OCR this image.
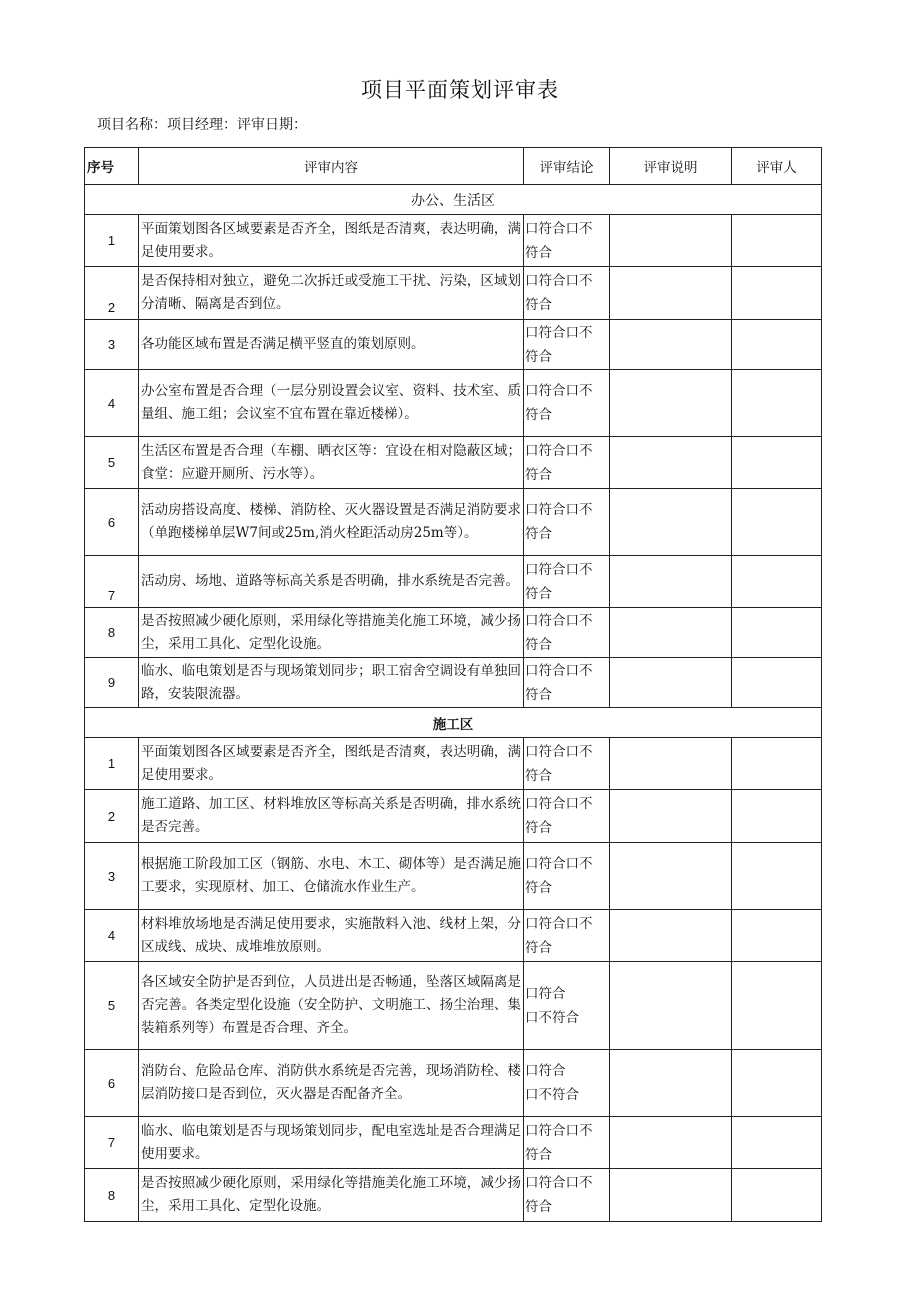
项目平面策划评审表
项目名称：项目经理：评审日期：
序号	评审内容	评审结论	评审说明	评审人
办公、生活区				
1	平面策划图各区域要素是否齐全，图纸是否清爽，表达明确，满足使用要求。	口符合口不
符合		

2	是否保持相对独立，避免二次拆迁或受施工干扰、污染，区域划分清晰、隔离是否到位。	口符合口不
符合		

3	各功能区域布置是否满足横平竖直的策划原则。	口符合口不
符合		

4	办公室布置是否合理（一层分别设置会议室、资料、技术室、质量组、施工组；会议室不宜布置在靠近楼梯）。	口符合口不
符合		

5	生活区布置是否合理（车棚、晒衣区等：宜设在相对隐蔽区域；食堂：应避开厕所、污水等）。	口符合口不
符合		

6	活动房搭设高度、楼梯、消防栓、灭火器设置是否满足消防要求（单跑楼梯单层W7间或25m,消火栓距活动房25m等）。	口符合口不
符合		

7	活动房、场地、道路等标高关系是否明确，排水系统是否完善。	口符合口不
符合		

8	是否按照减少硬化原则，采用绿化等措施美化施工环境，减少扬尘，采用工具化、定型化设施。	口符合口不
符合		

9	临水、临电策划是否与现场策划同步；职工宿舍空调设有单独回路，安装限流器。	口符合口不
符合		

施工区				
1	平面策划图各区域要素是否齐全，图纸是否清爽，表达明确，满足使用要求。	口符合口不
符合		

2	施工道路、加工区、材料堆放区等标高关系是否明确，排水系统是否完善。	口符合口不
符合		

3	根据施工阶段加工区（钢筋、水电、木工、砌体等）是否满足施工要求，实现原材、加工、仓储流水作业生产。	口符合口不
符合		

4	材料堆放场地是否满足使用要求，实施散料入池、线材上架，分区成线、成块、成堆堆放原则。	口符合口不
符合		

5	各区域安全防护是否到位，人员进出是否畅通，坠落区域隔离是否完善。各类定型化设施（安全防护、文明施工、扬尘治理、集装箱系列等）布置是否合理、齐全。	口符合
口不符合		

6	消防台、危险品仓库、消防供水系统是否完善，现场消防栓、楼层消防接口是否到位，灭火器是否配备齐全。	口符合
口不符合		

7	临水、临电策划是否与现场策划同步，配电室选址是否合理满足使用要求。	口符合口不
符合		

8	是否按照减少硬化原则，采用绿化等措施美化施工环境，减少扬尘，采用工具化、定型化设施。	口符合口不
符合		
